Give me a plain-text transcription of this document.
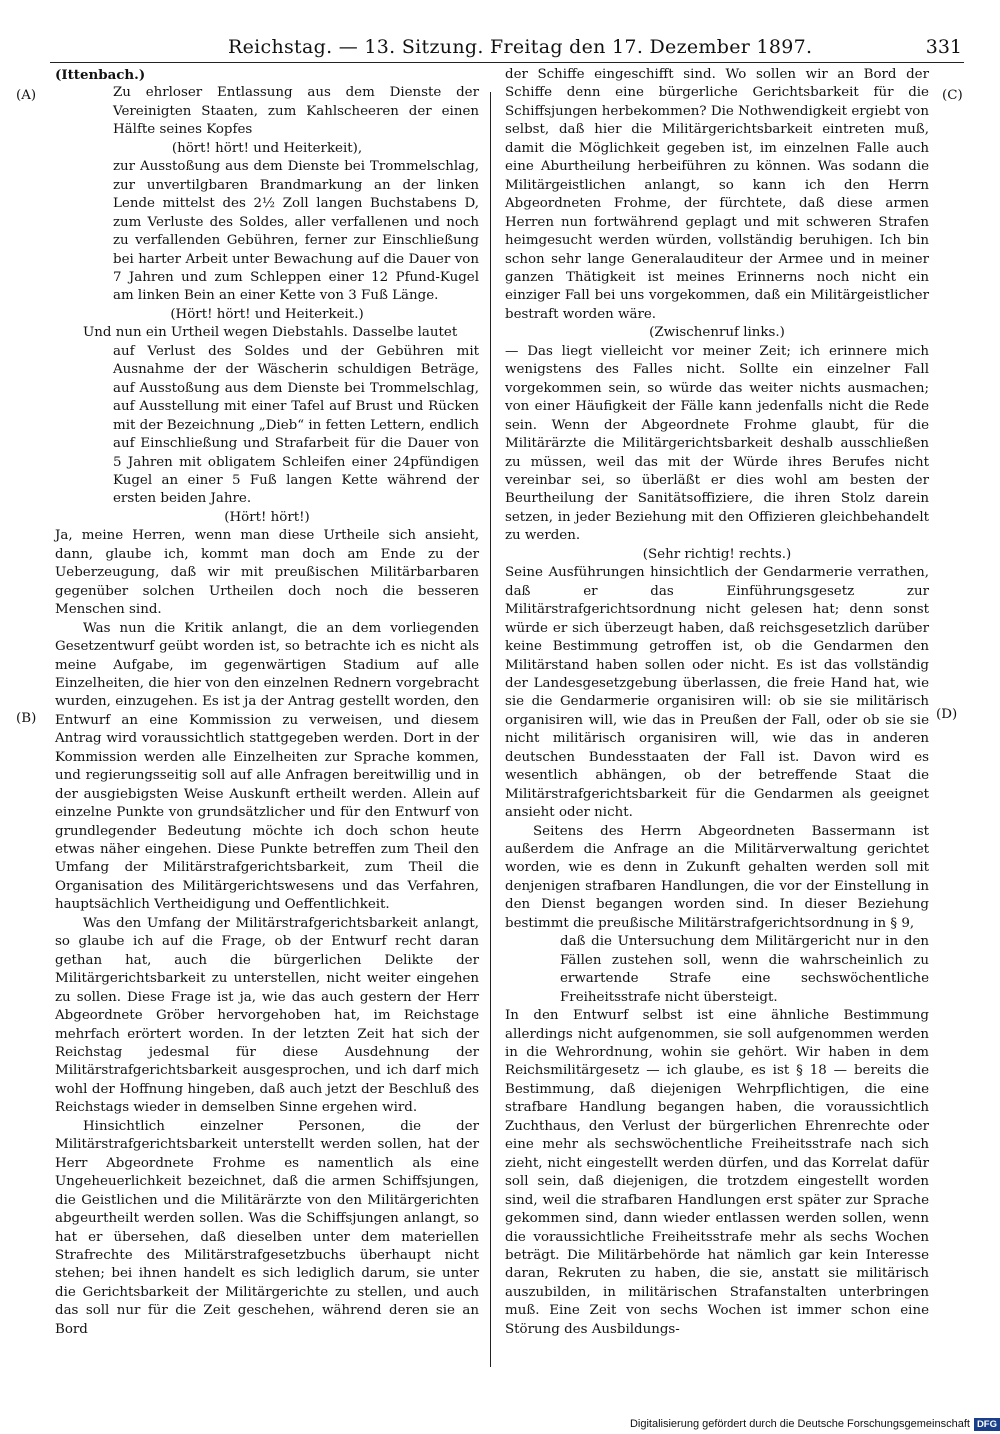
Reichstag. — 13. Sitzung. Freitag den 17. Dezember 1897.	331
(A)
(B)
(C)
(D)

(Ittenbach.)

Zu ehrloser Entlassung aus dem Dienste der Vereinigten Staaten, zum Kahlscheeren der einen Hälfte seines Kopfes

(hört! hört! und Heiterkeit),

zur Ausstoßung aus dem Dienste bei Trommelschlag, zur unvertilgbaren Brandmarkung an der linken Lende mittelst des 2½ Zoll langen Buchstabens D, zum Verluste des Soldes, aller verfallenen und noch zu verfallenden Gebühren, ferner zur Einschließung bei harter Arbeit unter Bewachung auf die Dauer von 7 Jahren und zum Schleppen einer 12 Pfund-Kugel am linken Bein an einer Kette von 3 Fuß Länge.

(Hört! hört! und Heiterkeit.)

Und nun ein Urtheil wegen Diebstahls. Dasselbe lautet

auf Verlust des Soldes und der Gebühren mit Ausnahme der der Wäscherin schuldigen Beträge, auf Ausstoßung aus dem Dienste bei Trommelschlag, auf Ausstellung mit einer Tafel auf Brust und Rücken mit der Bezeichnung „Dieb“ in fetten Lettern, endlich auf Einschließung und Strafarbeit für die Dauer von 5 Jahren mit obligatem Schleifen einer 24pfündigen Kugel an einer 5 Fuß langen Kette während der ersten beiden Jahre.

(Hört! hört!)

Ja, meine Herren, wenn man diese Urtheile sich ansieht, dann, glaube ich, kommt man doch am Ende zu der Ueberzeugung, daß wir mit preußischen Militärbarbaren gegenüber solchen Urtheilen doch noch die besseren Menschen sind.

Was nun die Kritik anlangt, die an dem vorliegenden Gesetzentwurf geübt worden ist, so betrachte ich es nicht als meine Aufgabe, im gegenwärtigen Stadium auf alle Einzelheiten, die hier von den einzelnen Rednern vorgebracht wurden, einzugehen. Es ist ja der Antrag gestellt worden, den Entwurf an eine Kommission zu verweisen, und diesem Antrag wird voraussichtlich stattgegeben werden. Dort in der Kommission werden alle Einzelheiten zur Sprache kommen, und regierungsseitig soll auf alle Anfragen bereitwillig und in der ausgiebigsten Weise Auskunft ertheilt werden. Allein auf einzelne Punkte von grundsätzlicher und für den Entwurf von grundlegender Bedeutung möchte ich doch schon heute etwas näher eingehen. Diese Punkte betreffen zum Theil den Umfang der Militärstrafgerichtsbarkeit, zum Theil die Organisation des Militärgerichtswesens und das Verfahren, hauptsächlich Vertheidigung und Oeffentlichkeit.

Was den Umfang der Militärstrafgerichtsbarkeit anlangt, so glaube ich auf die Frage, ob der Entwurf recht daran gethan hat, auch die bürgerlichen Delikte der Militärgerichtsbarkeit zu unterstellen, nicht weiter eingehen zu sollen. Diese Frage ist ja, wie das auch gestern der Herr Abgeordnete Gröber hervorgehoben hat, im Reichstage mehrfach erörtert worden. In der letzten Zeit hat sich der Reichstag jedesmal für diese Ausdehnung der Militärstrafgerichtsbarkeit ausgesprochen, und ich darf mich wohl der Hoffnung hingeben, daß auch jetzt der Beschluß des Reichstags wieder in demselben Sinne ergehen wird.

Hinsichtlich einzelner Personen, die der Militärstrafgerichtsbarkeit unterstellt werden sollen, hat der Herr Abgeordnete Frohme es namentlich als eine Ungeheuerlichkeit bezeichnet, daß die armen Schiffsjungen, die Geistlichen und die Militärärzte von den Militärgerichten abgeurtheilt werden sollen. Was die Schiffsjungen anlangt, so hat er übersehen, daß dieselben unter dem materiellen Strafrechte des Militärstrafgesetzbuchs überhaupt nicht stehen; bei ihnen handelt es sich lediglich darum, sie unter die Gerichtsbarkeit der Militärgerichte zu stellen, und auch das soll nur für die Zeit geschehen, während deren sie an Bord

der Schiffe eingeschifft sind. Wo sollen wir an Bord der Schiffe denn eine bürgerliche Gerichtsbarkeit für die Schiffsjungen herbekommen? Die Nothwendigkeit ergiebt von selbst, daß hier die Militärgerichtsbarkeit eintreten muß, damit die Möglichkeit gegeben ist, im einzelnen Falle auch eine Aburtheilung herbeiführen zu können. Was sodann die Militärgeistlichen anlangt, so kann ich den Herrn Abgeordneten Frohme, der fürchtete, daß diese armen Herren nun fortwährend geplagt und mit schweren Strafen heimgesucht werden würden, vollständig beruhigen. Ich bin schon sehr lange Generalauditeur der Armee und in meiner ganzen Thätigkeit ist meines Erinnerns noch nicht ein einziger Fall bei uns vorgekommen, daß ein Militärgeistlicher bestraft worden wäre.

(Zwischenruf links.)

— Das liegt vielleicht vor meiner Zeit; ich erinnere mich wenigstens des Falles nicht. Sollte ein einzelner Fall vorgekommen sein, so würde das weiter nichts ausmachen; von einer Häufigkeit der Fälle kann jedenfalls nicht die Rede sein. Wenn der Abgeordnete Frohme glaubt, für die Militärärzte die Militärgerichtsbarkeit deshalb ausschließen zu müssen, weil das mit der Würde ihres Berufes nicht vereinbar sei, so überläßt er dies wohl am besten der Beurtheilung der Sanitätsoffiziere, die ihren Stolz darein setzen, in jeder Beziehung mit den Offizieren gleichbehandelt zu werden.

(Sehr richtig! rechts.)

Seine Ausführungen hinsichtlich der Gendarmerie verrathen, daß er das Einführungsgesetz zur Militärstrafgerichtsordnung nicht gelesen hat; denn sonst würde er sich überzeugt haben, daß reichsgesetzlich darüber keine Bestimmung getroffen ist, ob die Gendarmen den Militärstand haben sollen oder nicht. Es ist das vollständig der Landesgesetzgebung überlassen, die freie Hand hat, wie sie die Gendarmerie organisiren will: ob sie sie militärisch organisiren will, wie das in Preußen der Fall, oder ob sie sie nicht militärisch organisiren will, wie das in anderen deutschen Bundesstaaten der Fall ist. Davon wird es wesentlich abhängen, ob der betreffende Staat die Militärstrafgerichtsbarkeit für die Gendarmen als geeignet ansieht oder nicht.

Seitens des Herrn Abgeordneten Bassermann ist außerdem die Anfrage an die Militärverwaltung gerichtet worden, wie es denn in Zukunft gehalten werden soll mit denjenigen strafbaren Handlungen, die vor der Einstellung in den Dienst begangen worden sind. In dieser Beziehung bestimmt die preußische Militärstrafgerichtsordnung in § 9,

daß die Untersuchung dem Militärgericht nur in den Fällen zustehen soll, wenn die wahrscheinlich zu erwartende Strafe eine sechswöchentliche Freiheitsstrafe nicht übersteigt.

In den Entwurf selbst ist eine ähnliche Bestimmung allerdings nicht aufgenommen, sie soll aufgenommen werden in die Wehrordnung, wohin sie gehört. Wir haben in dem Reichsmilitärgesetz — ich glaube, es ist § 18 — bereits die Bestimmung, daß diejenigen Wehrpflichtigen, die eine strafbare Handlung begangen haben, die voraussichtlich Zuchthaus, den Verlust der bürgerlichen Ehrenrechte oder eine mehr als sechswöchentliche Freiheitsstrafe nach sich zieht, nicht eingestellt werden dürfen, und das Korrelat dafür soll sein, daß diejenigen, die trotzdem eingestellt worden sind, weil die strafbaren Handlungen erst später zur Sprache gekommen sind, dann wieder entlassen werden sollen, wenn die voraussichtliche Freiheitsstrafe mehr als sechs Wochen beträgt. Die Militärbehörde hat nämlich gar kein Interesse daran, Rekruten zu haben, die sie, anstatt sie militärisch auszubilden, in militärischen Strafanstalten unterbringen muß. Eine Zeit von sechs Wochen ist immer schon eine Störung des Ausbildungs-

Digitalisierung gefördert durch die Deutsche Forschungsgemeinschaft DFG
